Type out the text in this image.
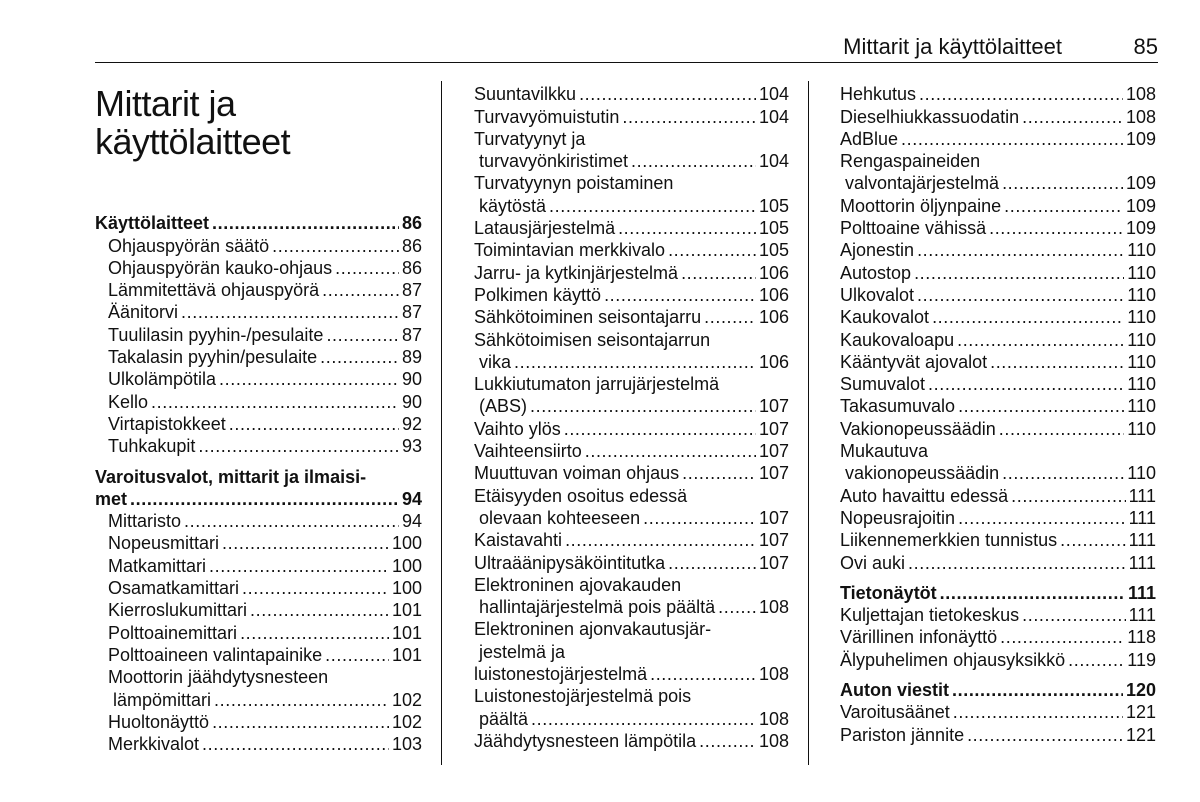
Mittarit ja käyttölaitteet	85
Mittarit ja
käyttölaitteet
Käyttölaitteet . . .	86
Ohjauspyörän säätö . . .	86
Ohjauspyörän kauko-ohjaus . . .	86
Lämmitettävä ohjauspyörä . . .	87
Äänitorvi . . .	87
Tuulilasin pyyhin-/pesulaite . . .	87
Takalasin pyyhin/pesulaite . . .	89
Ulkolämpötila . . .	90
Kello . . .	90
Virtapistokkeet . . .	92
Tuhkakupit . . .	93
Varoitusvalot, mittarit ja ilmaisi-
met . . .	94
Mittaristo . . .	94
Nopeusmittari . . .	100
Matkamittari . . .	100
Osamatkamittari . . .	100
Kierroslukumittari . . .	101
Polttoainemittari . . .	101
Polttoaineen valintapainike . . .	101
Moottorin jäähdytysnesteen
lämpömittari . . .	102
Huoltonäyttö . . .	102
Merkkivalot . . .	103
Suuntavilkku . . .	104
Turvavyömuistutin . . .	104
Turvatyynyt ja
turvavyönkiristimet . . .	104
Turvatyynyn poistaminen
käytöstä . . .	105
Latausjärjestelmä . . .	105
Toimintavian merkkivalo . . .	105
Jarru- ja kytkinjärjestelmä . . .	106
Polkimen käyttö . . .	106
Sähkötoiminen seisontajarru . . .	106
Sähkötoimisen seisontajarrun
vika . . .	106
Lukkiutumaton jarrujärjestelmä
(ABS) . . .	107
Vaihto ylös . . .	107
Vaihteensiirto . . .	107
Muuttuvan voiman ohjaus . . .	107
Etäisyyden osoitus edessä
olevaan kohteeseen . . .	107
Kaistavahti . . .	107
Ultraäänipysäköintitutka . . .	107
Elektroninen ajovakauden
hallintajärjestelmä pois päältä . . . 108
Elektroninen ajonvakautusjär-
jestelmä ja
luistonestojärjestelmä . . .	108
Luistonestojärjestelmä pois
päältä . . .	108
Jäähdytysnesteen lämpötila . . .	108
Hehkutus . . .	108
Dieselhiukkassuodatin . . .	108
AdBlue . . .	109
Rengaspaineiden
valvontajärjestelmä . . .	109
Moottorin öljynpaine . . .	109
Polttoaine vähissä . . .	109
Ajonestin . . .	110
Autostop . . .	110
Ulkovalot . . .	110
Kaukovalot . . .	110
Kaukovaloapu . . .	110
Kääntyvät ajovalot . . .	110
Sumuvalot . . .	110
Takasumuvalo . . .	110
Vakionopeussäädin . . .	110
Mukautuva
vakionopeussäädin . . .	110
Auto havaittu edessä . . .	111
Nopeusrajoitin . . .	111
Liikennemerkkien tunnistus . . .	111
Ovi auki . . .	111
Tietonäytöt . . .	111
Kuljettajan tietokeskus . . .	111
Värillinen infonäyttö . . .	118
Älypuhelimen ohjausyksikkö . . .	119
Auton viestit . . .	120
Varoitusäänet . . .	121
Pariston jännite . . .	121
